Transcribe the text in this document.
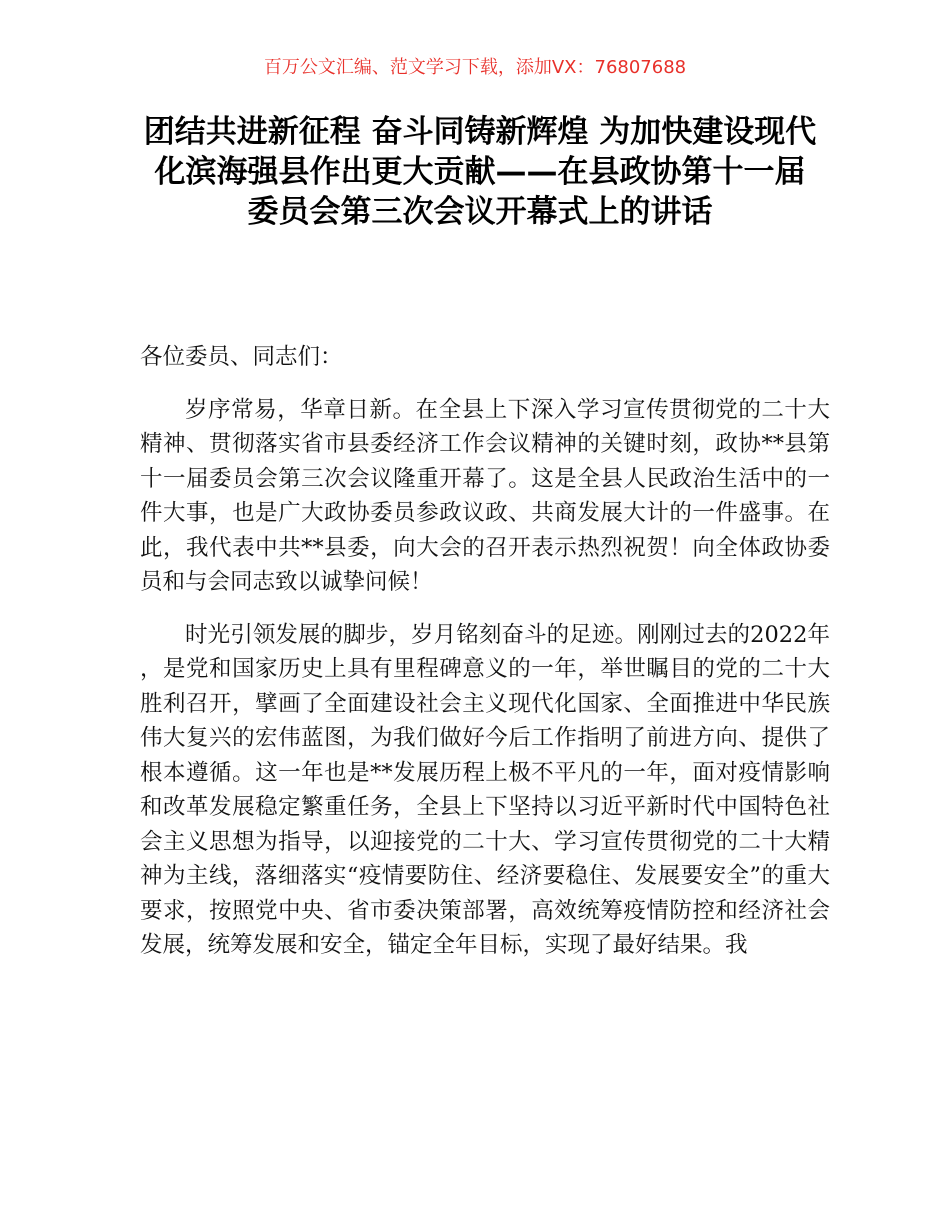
百万公文汇编、范文学习下载，添加VX：76807688
团结共进新征程 奋斗同铸新辉煌 为加快建设现代化滨海强县作出更大贡献——在县政协第十一届委员会第三次会议开幕式上的讲话

各位委员、同志们：

岁序常易，华章日新。在全县上下深入学习宣传贯彻党的二十大精神、贯彻落实省市县委经济工作会议精神的关键时刻，政协**县第十一届委员会第三次会议隆重开幕了。这是全县人民政治生活中的一件大事，也是广大政协委员参政议政、共商发展大计的一件盛事。在此，我代表中共**县委，向大会的召开表示热烈祝贺！向全体政协委员和与会同志致以诚挚问候！

时光引领发展的脚步，岁月铭刻奋斗的足迹。刚刚过去的2022年，是党和国家历史上具有里程碑意义的一年，举世瞩目的党的二十大胜利召开，擘画了全面建设社会主义现代化国家、全面推进中华民族伟大复兴的宏伟蓝图，为我们做好今后工作指明了前进方向、提供了根本遵循。这一年也是**发展历程上极不平凡的一年，面对疫情影响和改革发展稳定繁重任务，全县上下坚持以习近平新时代中国特色社会主义思想为指导，以迎接党的二十大、学习宣传贯彻党的二十大精神为主线，落细落实“疫情要防住、经济要稳住、发展要安全”的重大要求，按照党中央、省市委决策部署，高效统筹疫情防控和经济社会发展，统筹发展和安全，锚定全年目标，实现了最好结果。我
